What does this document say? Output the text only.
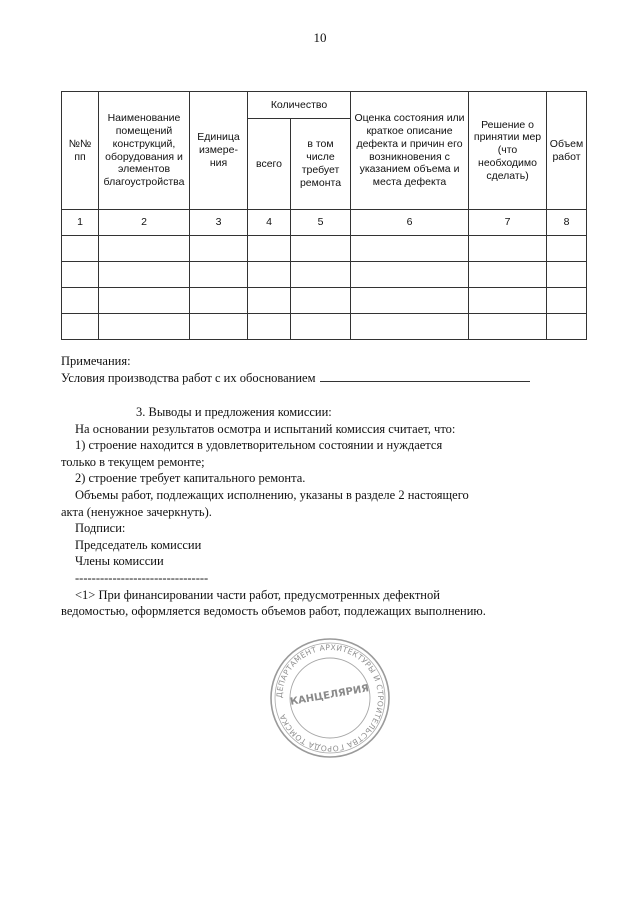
10
№№ пп	Наименование помещений конструкций, оборудования и элементов благоустройства	Единица измере- ния	Количество		Оценка состояния или краткое описание дефекта и причин его возникновения с указанием объема и места дефекта	Решение о принятии мер (что необходимо сделать)	Объем работ
			всего	в том числе требует ремонта			
1	2	3	4	5	6	7	8

Примечания:
Условия производства работ с их обоснованием
3. Выводы и предложения комиссии:
На основании результатов осмотра и испытаний комиссия считает, что:
1) строение находится в удовлетворительном состоянии и нуждается
только в текущем ремонте;
2) строение требует капитального ремонта.
Объемы работ, подлежащих исполнению, указаны в разделе 2 настоящего
акта (ненужное зачеркнуть).
Подписи:
Председатель комиссии
Члены комиссии
--------------------------------
<1> При финансировании части работ, предусмотренных дефектной
ведомостью, оформляется ведомость объемов работ, подлежащих выполнению.
ДЕПАРТАМЕНТ АРХИТЕКТУРЫ И СТРОИТЕЛЬСТВА ГОРОДА ТОМСКА
КАНЦЕЛЯРИЯ
